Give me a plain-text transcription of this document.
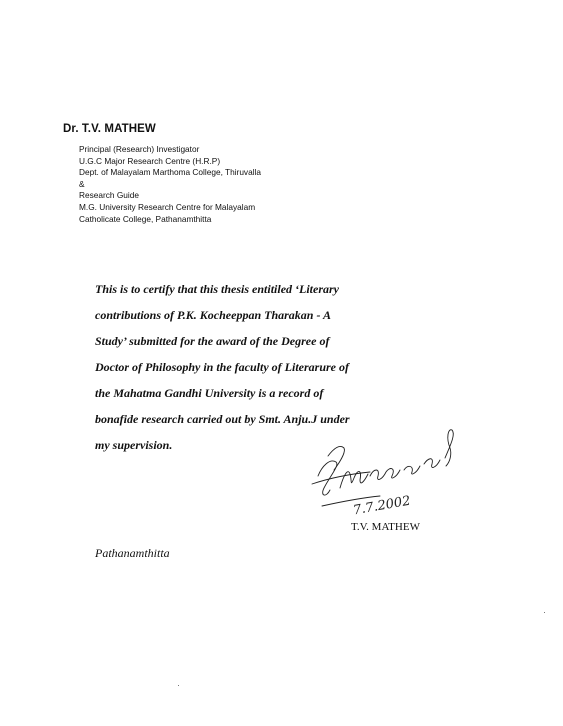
Dr. T.V. MATHEW
Principal (Research) Investigator
U.G.C Major Research Centre (H.R.P)
Dept. of Malayalam Marthoma College, Thiruvalla
&
Research Guide
M.G. University Research Centre for Malayalam
Catholicate College, Pathanamthitta
This is to certify that this thesis entitiled ‘Literary
contributions of P.K. Kocheeppan Tharakan - A
Study’ submitted for the award of the Degree of
Doctor of Philosophy in the faculty of Literarure of
the Mahatma Gandhi University is a record of
bonafide research carried out by Smt. Anju.J under
my supervision.
7.7.2002
T.V. MATHEW
Pathanamthitta
